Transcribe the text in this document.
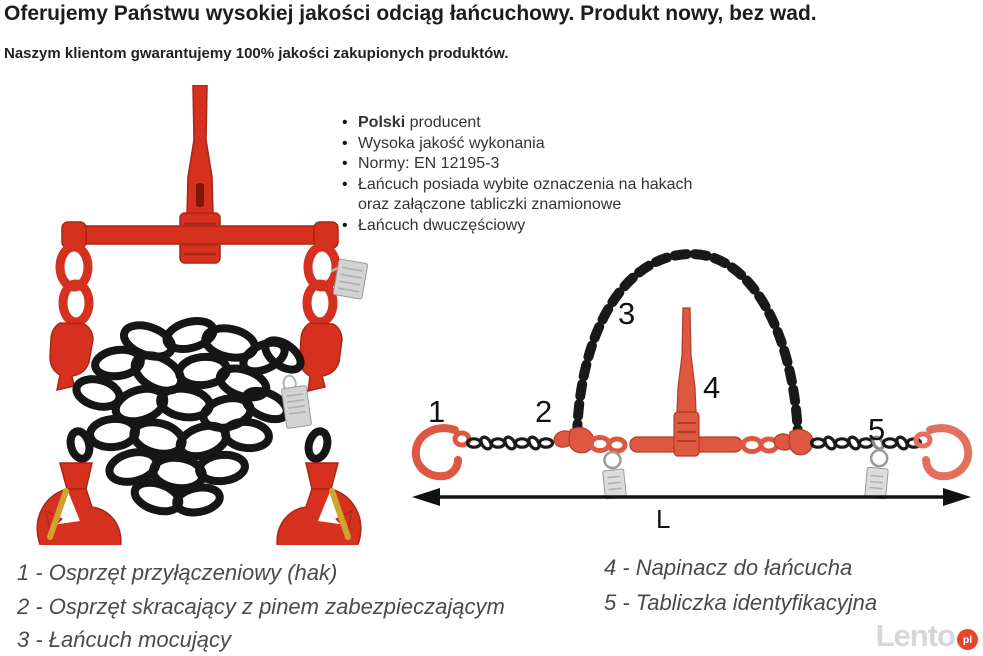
Oferujemy Państwu wysokiej jakości odciąg łańcuchowy. Produkt nowy, bez wad.
Naszym klientom gwarantujemy 100% jakości zakupionych produktów.
• Polski producent
• Wysoka jakość wykonania
• Normy: EN 12195-3
• Łańcuch posiada wybite oznaczenia na hakach oraz załączone tabliczki znamionowe
• Łańcuch dwuczęściowy
1	2
3
4
5
L
1 - Osprzęt przyłączeniowy (hak)
2 - Osprzęt skracający z pinem zabezpieczającym
3 - Łańcuch mocujący
4 - Napinacz do łańcucha
5 - Tabliczka identyfikacyjna
Lento pl
